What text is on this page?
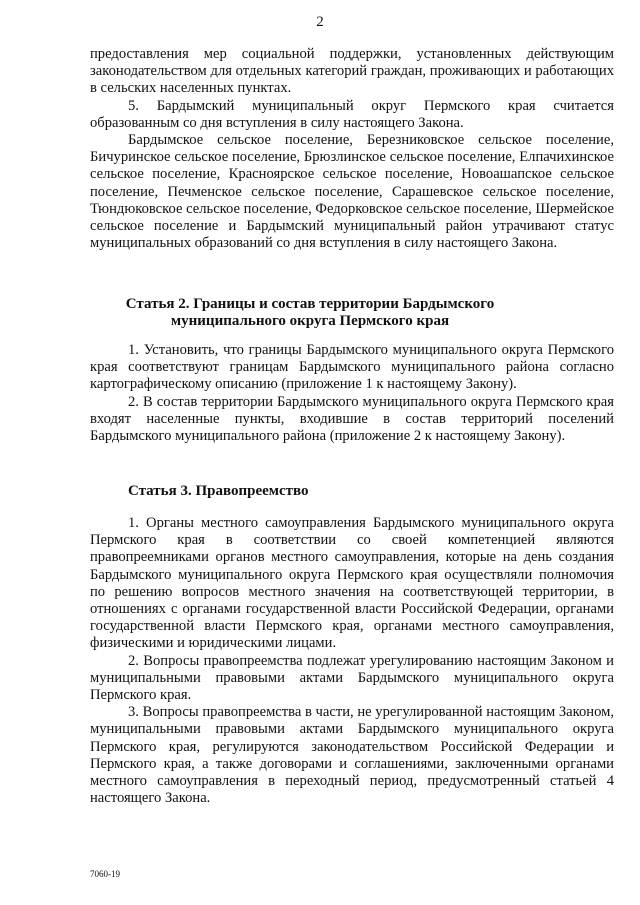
2

предоставления мер социальной поддержки, установленных действующим законодательством для отдельных категорий граждан, проживающих и работающих в сельских населенных пунктах.

5. Бардымский муниципальный округ Пермского края считается образованным со дня вступления в силу настоящего Закона.

Бардымское сельское поселение, Березниковское сельское поселение, Бичуринское сельское поселение, Брюзлинское сельское поселение, Елпачихинское сельское поселение, Красноярское сельское поселение, Новоашапское сельское поселение, Печменское сельское поселение, Сарашевское сельское поселение, Тюндюковское сельское поселение, Федорковское сельское поселение, Шермейское сельское поселение и Бардымский муниципальный район утрачивают статус муниципальных образований со дня вступления в силу настоящего Закона.

Статья 2. Границы и состав территории Бардымского муниципального округа Пермского края

1. Установить, что границы Бардымского муниципального округа Пермского края соответствуют границам Бардымского муниципального района согласно картографическому описанию (приложение 1 к настоящему Закону).

2. В состав территории Бардымского муниципального округа Пермского края входят населенные пункты, входившие в состав территорий поселений Бардымского муниципального района (приложение 2 к настоящему Закону).

Статья 3. Правопреемство

1. Органы местного самоуправления Бардымского муниципального округа Пермского края в соответствии со своей компетенцией являются правопреемниками органов местного самоуправления, которые на день создания Бардымского муниципального округа Пермского края осуществляли полномочия по решению вопросов местного значения на соответствующей территории, в отношениях с органами государственной власти Российской Федерации, органами государственной власти Пермского края, органами местного самоуправления, физическими и юридическими лицами.

2. Вопросы правопреемства подлежат урегулированию настоящим Законом и муниципальными правовыми актами Бардымского муниципального округа Пермского края.

3. Вопросы правопреемства в части, не урегулированной настоящим Законом, муниципальными правовыми актами Бардымского муниципального округа Пермского края, регулируются законодательством Российской Федерации и Пермского края, а также договорами и соглашениями, заключенными органами местного самоуправления в переходный период, предусмотренный статьей 4 настоящего Закона.

7060-19
